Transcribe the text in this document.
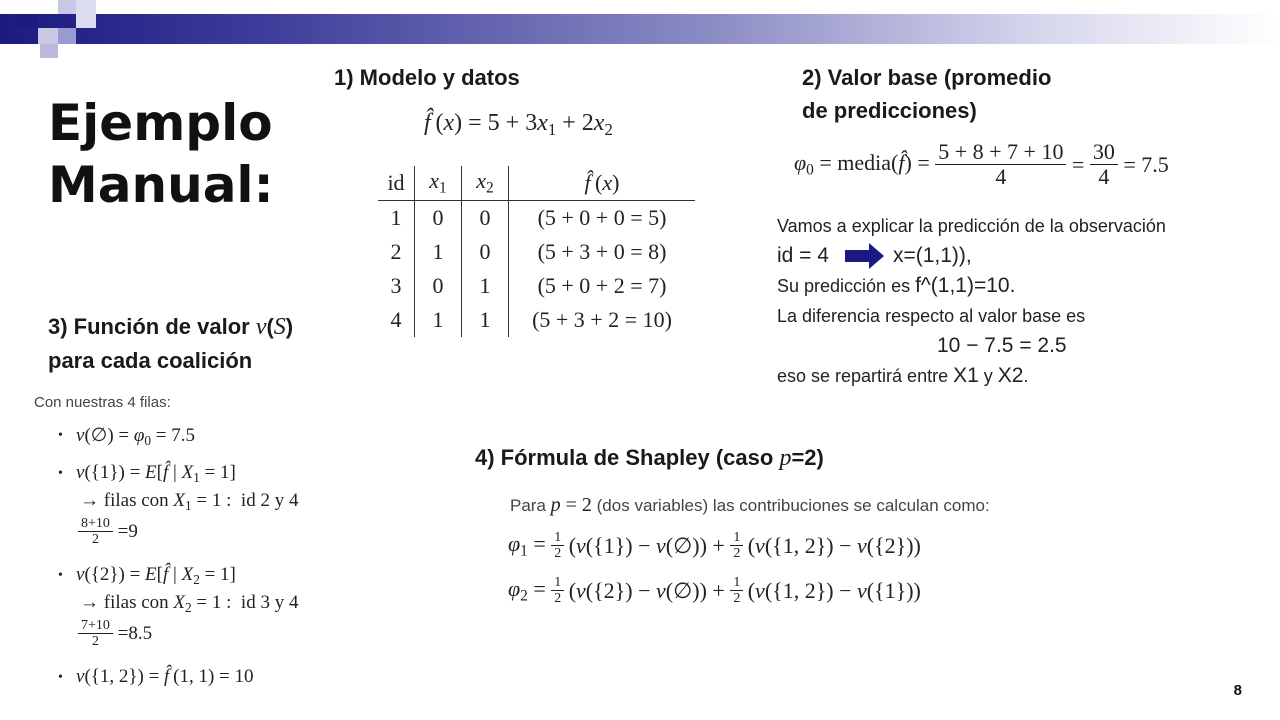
Ejemplo
Manual:
1) Modelo y datos
f̂ $(x) = 5 + 3x_1 + 2x_2$
id	$x_1$	$x_2$	f̂ (x)
1	0	0	(5 + 0 + 0 = 5)
2	1	0	(5 + 3 + 0 = 8)
3	0	1	(5 + 0 + 2 = 7)
4	1	1	(5 + 3 + 2 = 10)
2) Valor base (promedio
de predicciones)
$\varphi_0$ = media(f̂) = $\frac{5 + 8 + 7 + 10}{4} = \frac{30}{4} = 7.5$
Vamos a explicar la predicción de la observación
id = 4	x=(1,1)),
Su predicción es f^(1,1)=10.
La diferencia respecto al valor base es
10 − 7.5 = 2.5
eso se repartirá entre X1 y X2.
3) Función de valor v(S)
para cada coalición
Con nuestras 4 filas:
• v(∅) = $\varphi_0 = 7.5$
• v({1}) = E[f̂ | $X_1 = 1$]
→ filas con $X_1 = 1$ :  id 2 y 4
$\frac{8+10}{2} = 9$
• v({2}) = E[f̂ | $X_2 = 1$]
→ filas con $X_2 = 1$ :  id 3 y 4
$\frac{7+10}{2} = 8.5$
• v({1, 2}) = f̂ (1, 1) = 10
4) Fórmula de Shapley (caso p=2)
Para p = 2 (dos variables) las contribuciones se calculan como:
$\varphi_1 = \frac{1}{2} (v(\{1\})$ − v(∅)) + $\frac{1}{2} (v(\{1$, 2}) − v({2}))
$\varphi_2 = \frac{1}{2} (v(\{2\})$ − v(∅)) + $\frac{1}{2} (v(\{1$, 2}) − v({1}))
8
